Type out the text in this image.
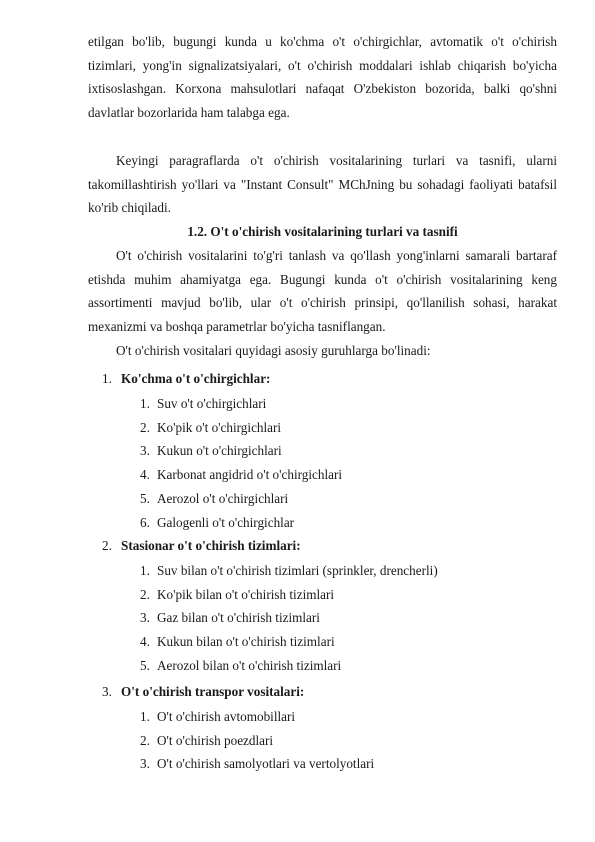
etilgan bo'lib, bugungi kunda u ko'chma o't o'chirgichlar, avtomatik o't o'chirish tizimlari, yong'in signalizatsiyalari, o't o'chirish moddalari ishlab chiqarish bo'yicha ixtisoslashgan. Korxona mahsulotlari nafaqat O'zbekiston bozorida, balki qo'shni davlatlar bozorlarida ham talabga ega.

Keyingi paragraflarda o't o'chirish vositalarining turlari va tasnifi, ularni takomillashtirish yo'llari va "Instant Consult" MChJning bu sohadagi faoliyati batafsil ko'rib chiqiladi.

1.2. O't o'chirish vositalarining turlari va tasnifi

O't o'chirish vositalarini to'g'ri tanlash va qo'llash yong'inlarni samarali bartaraf etishda muhim ahamiyatga ega. Bugungi kunda o't o'chirish vositalarining keng assortimenti mavjud bo'lib, ular o't o'chirish prinsipi, qo'llanilish sohasi, harakat mexanizmi va boshqa parametrlar bo'yicha tasniflangan.

O't o'chirish vositalari quyidagi asosiy guruhlarga bo'linadi:

1. Ko'chma o't o'chirgichlar:
1. Suv o't o'chirgichlari
2. Ko'pik o't o'chirgichlari
3. Kukun o't o'chirgichlari
4. Karbonat angidrid o't o'chirgichlari
5. Aerozol o't o'chirgichlari
6. Galogenli o't o'chirgichlar
2. Stasionar o't o'chirish tizimlari:
1. Suv bilan o't o'chirish tizimlari (sprinkler, drencherli)
2. Ko'pik bilan o't o'chirish tizimlari
3. Gaz bilan o't o'chirish tizimlari
4. Kukun bilan o't o'chirish tizimlari
5. Aerozol bilan o't o'chirish tizimlari
3. O't o'chirish transpor vositalari:
1. O't o'chirish avtomobillari
2. O't o'chirish poezdlari
3. O't o'chirish samolyotlari va vertolyotlari
